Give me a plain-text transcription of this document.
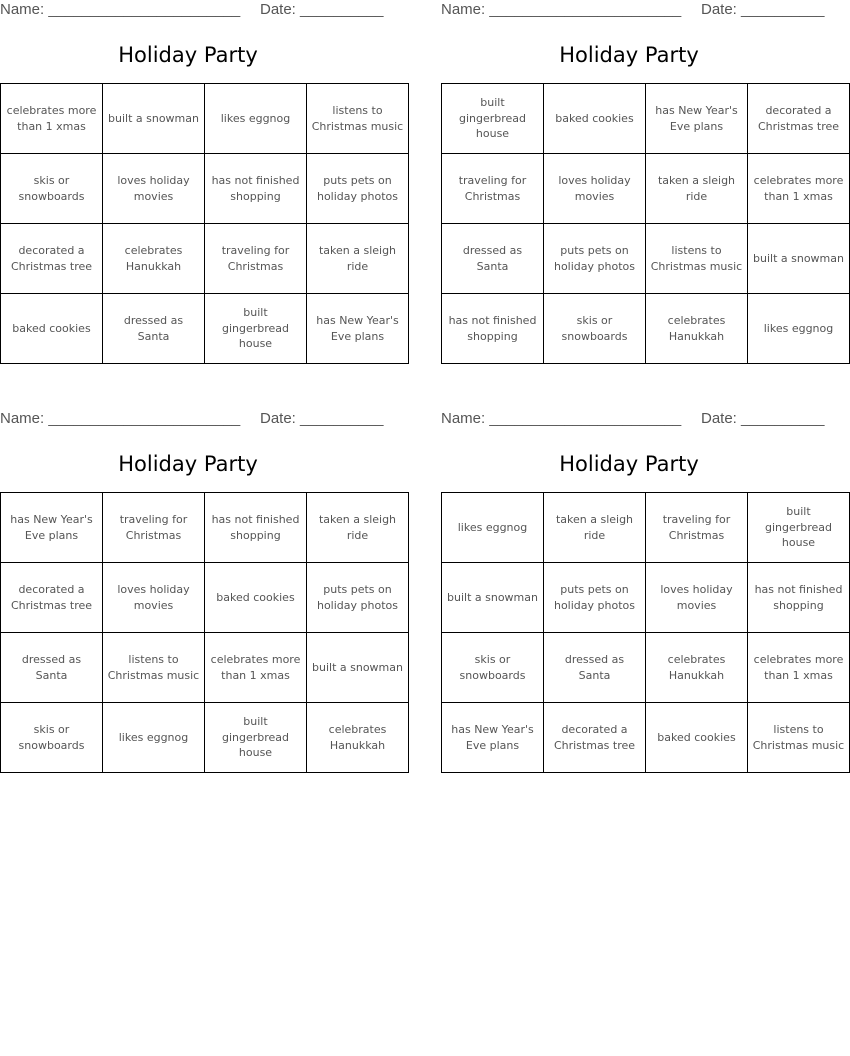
Name: _______________________ Date: __________
Holiday Party
celebrates more than 1 xmas	built a snowman	likes eggnog	listens to Christmas music
skis or snowboards	loves holiday movies	has not finished shopping	puts pets on holiday photos
decorated a Christmas tree	celebrates Hanukkah	traveling for Christmas	taken a sleigh ride
baked cookies	dressed as Santa	built gingerbread house	has New Year's Eve plans
Name: _______________________ Date: __________
Holiday Party
built gingerbread house	baked cookies	has New Year's Eve plans	decorated a Christmas tree
traveling for Christmas	loves holiday movies	taken a sleigh ride	celebrates more than 1 xmas
dressed as Santa	puts pets on holiday photos	listens to Christmas music	built a snowman
has not finished shopping	skis or snowboards	celebrates Hanukkah	likes eggnog
Name: _______________________ Date: __________
Holiday Party
has New Year's Eve plans	traveling for Christmas	has not finished shopping	taken a sleigh ride
decorated a Christmas tree	loves holiday movies	baked cookies	puts pets on holiday photos
dressed as Santa	listens to Christmas music	celebrates more than 1 xmas	built a snowman
skis or snowboards	likes eggnog	built gingerbread house	celebrates Hanukkah
Name: _______________________ Date: __________
Holiday Party
likes eggnog	taken a sleigh ride	traveling for Christmas	built gingerbread house
built a snowman	puts pets on holiday photos	loves holiday movies	has not finished shopping
skis or snowboards	dressed as Santa	celebrates Hanukkah	celebrates more than 1 xmas
has New Year's Eve plans	decorated a Christmas tree	baked cookies	listens to Christmas music
